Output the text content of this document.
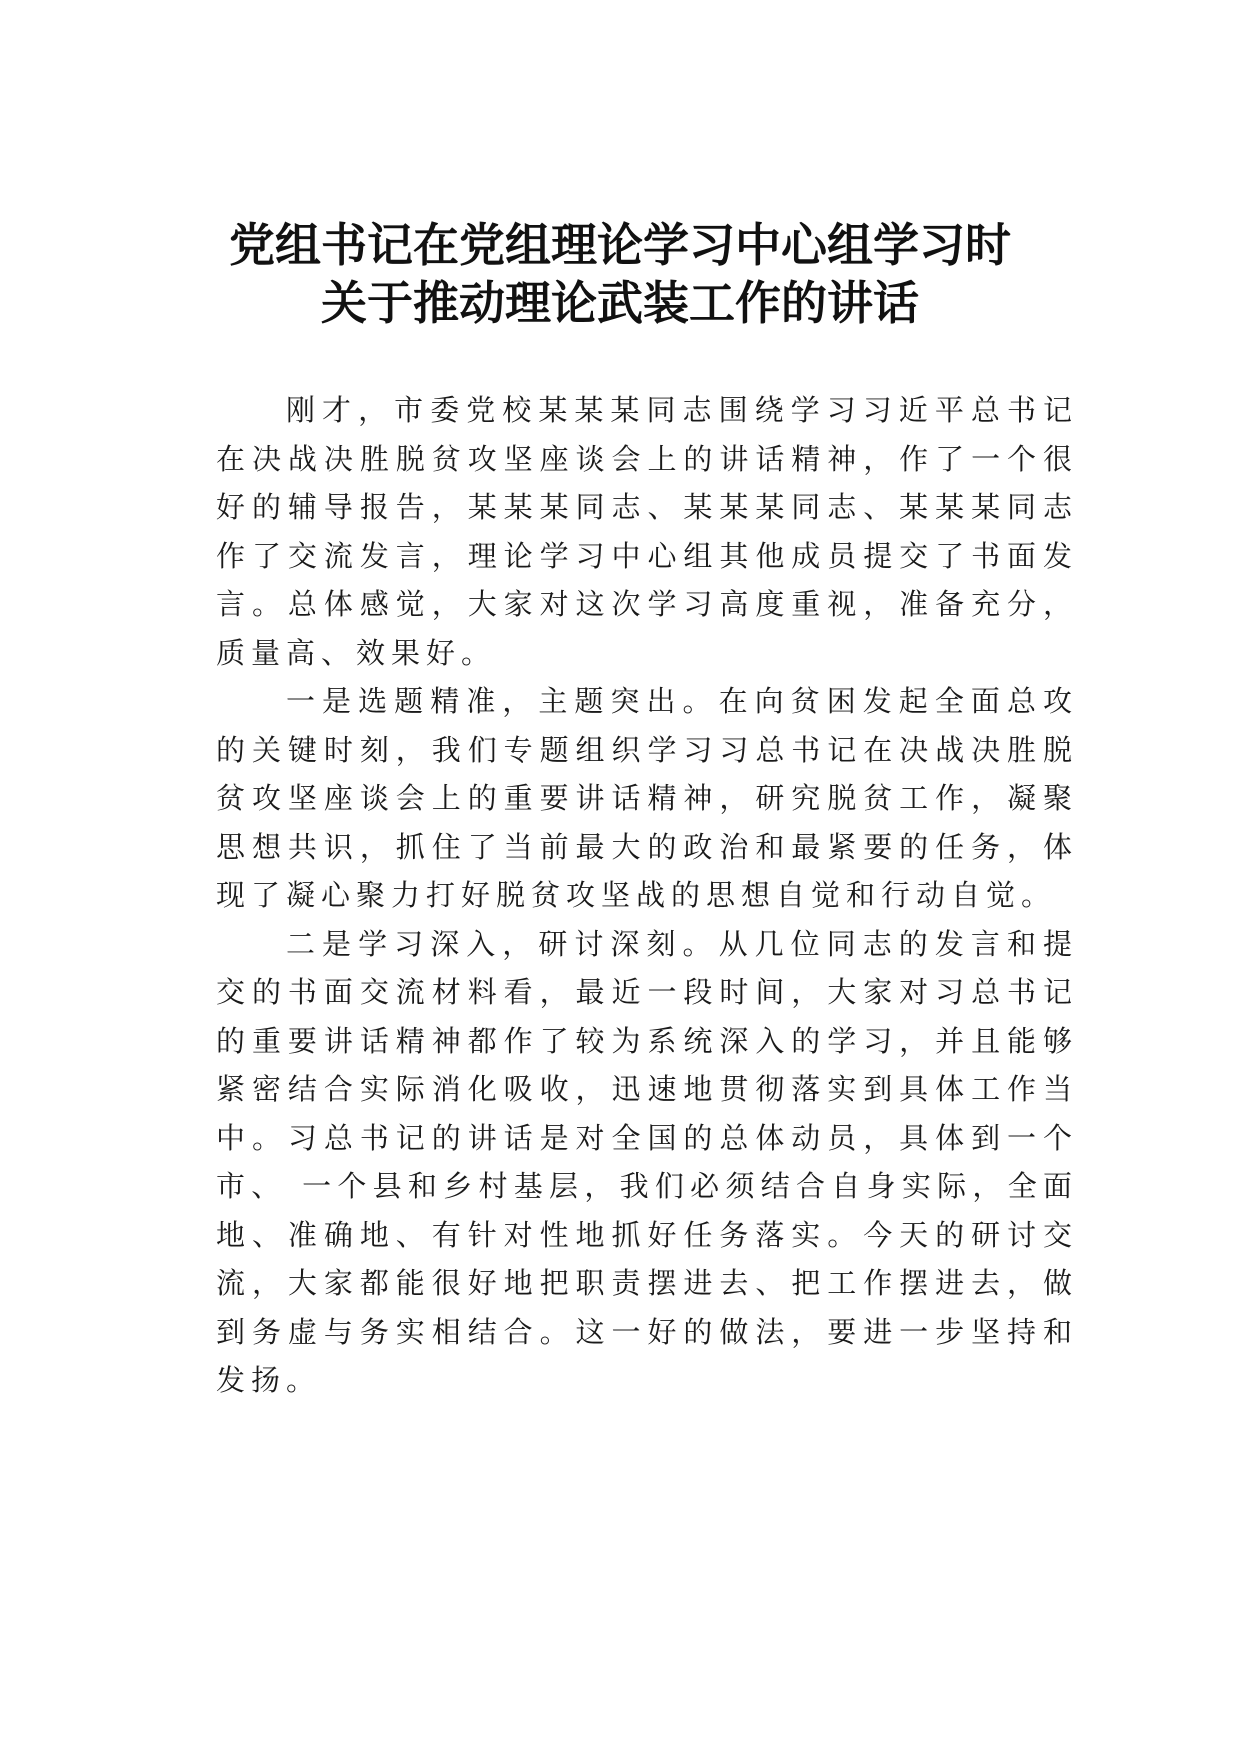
党组书记在党组理论学习中心组学习时
关于推动理论武装工作的讲话

刚才，市委党校某某某同志围绕学习习近平总书记在决战决胜脱贫攻坚座谈会上的讲话精神，作了一个很好的辅导报告，某某某同志、某某某同志、某某某同志作了交流发言，理论学习中心组其他成员提交了书面发言。总体感觉，大家对这次学习高度重视，准备充分，质量高、效果好。

一是选题精准，主题突出。在向贫困发起全面总攻的关键时刻，我们专题组织学习习总书记在决战决胜脱贫攻坚座谈会上的重要讲话精神，研究脱贫工作，凝聚思想共识，抓住了当前最大的政治和最紧要的任务，体现了凝心聚力打好脱贫攻坚战的思想自觉和行动自觉。

二是学习深入，研讨深刻。从几位同志的发言和提交的书面交流材料看，最近一段时间，大家对习总书记的重要讲话精神都作了较为系统深入的学习，并且能够紧密结合实际消化吸收，迅速地贯彻落实到具体工作当中。习总书记的讲话是对全国的总体动员，具体到一个市、 一个县和乡村基层，我们必须结合自身实际，全面地、准确地、有针对性地抓好任务落实。今天的研讨交流，大家都能很好地把职责摆进去、把工作摆进去，做到务虚与务实相结合。这一好的做法，要进一步坚持和发扬。
